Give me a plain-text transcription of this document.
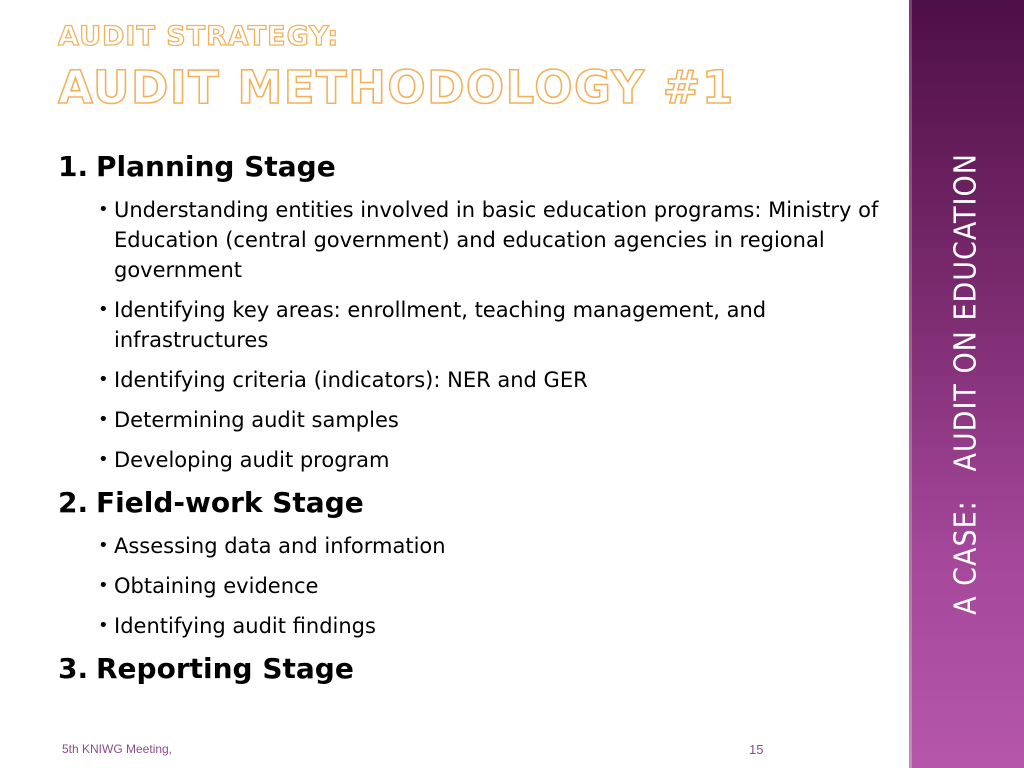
AUDIT STRATEGY:
AUDIT METHODOLOGY #1
1. Planning Stage
• Understanding entities involved in basic education programs: Ministry of Education (central government) and education agencies in regional government
• Identifying key areas: enrollment, teaching management, and infrastructures
• Identifying criteria (indicators): NER and GER
• Determining audit samples
• Developing audit program
2. Field-work Stage
• Assessing data and information
• Obtaining evidence
• Identifying audit findings
3. Reporting Stage
5th KNIWG Meeting,	15
A CASE:   AUDIT ON EDUCATION
